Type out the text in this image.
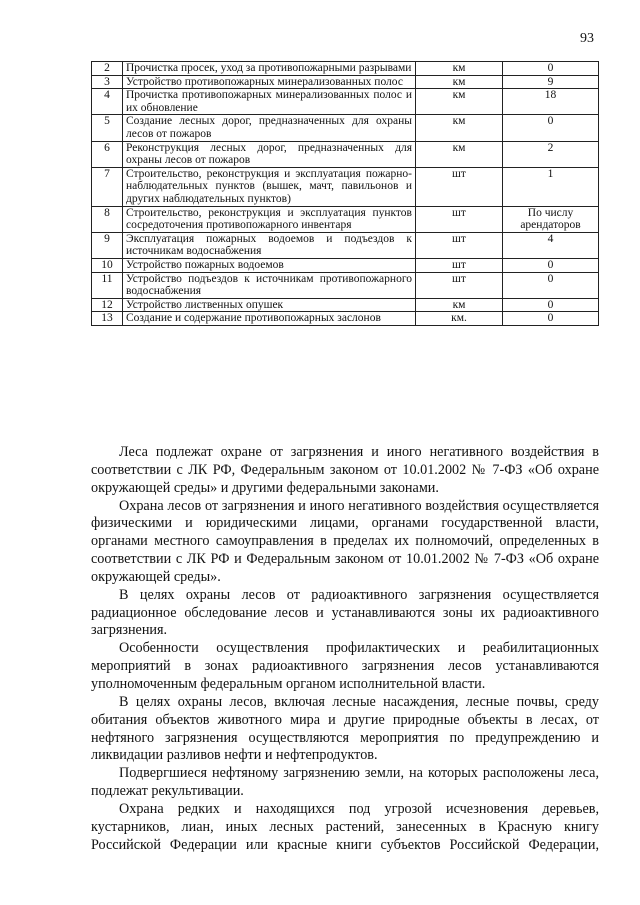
93
2	Прочистка просек, уход за противопожарными разрывами	км	0
3	Устройство противопожарных минерализованных полос	км	9
4	Прочистка противопожарных минерализованных полос и их обновление	км	18
5	Создание лесных дорог, предназначенных для охраны лесов от пожаров	км	0
6	Реконструкция лесных дорог, предназначенных для охраны лесов от пожаров	км	2
7	Строительство, реконструкция и эксплуатация пожарно-наблюдательных пунктов (вышек, мачт, павильонов и других наблюдательных пунктов)	шт	1
8	Строительство, реконструкция и эксплуатация пунктов сосредоточения противопожарного инвентаря	шт	По числу арендаторов
9	Эксплуатация пожарных водоемов и подъездов к источникам водоснабжения	шт	4
10	Устройство пожарных водоемов	шт	0
11	Устройство подъездов к источникам противопожарного водоснабжения	шт	0
12	Устройство лиственных опушек	км	0
13	Создание и содержание противопожарных заслонов	км.	0

Леса подлежат охране от загрязнения и иного негативного воздействия в соответствии с ЛК РФ, Федеральным законом от 10.01.2002 № 7-ФЗ «Об охране окружающей среды» и другими федеральными законами.

Охрана лесов от загрязнения и иного негативного воздействия осуществляется физическими и юридическими лицами, органами государственной власти, органами местного самоуправления в пределах их полномочий, определенных в соответствии с ЛК РФ и Федеральным законом от 10.01.2002 № 7-ФЗ «Об охране окружающей среды».

В целях охраны лесов от радиоактивного загрязнения осуществляется радиационное обследование лесов и устанавливаются зоны их радиоактивного загрязнения.

Особенности осуществления профилактических и реабилитационных мероприятий в зонах радиоактивного загрязнения лесов устанавливаются уполномоченным федеральным органом исполнительной власти.

В целях охраны лесов, включая лесные насаждения, лесные почвы, среду обитания объектов животного мира и другие природные объекты в лесах, от нефтяного загрязнения осуществляются мероприятия по предупреждению и ликвидации разливов нефти и нефтепродуктов.

Подвергшиеся нефтяному загрязнению земли, на которых расположены леса, подлежат рекультивации.

Охрана редких и находящихся под угрозой исчезновения деревьев, кустарников, лиан, иных лесных растений, занесенных в Красную книгу Российской Федерации или красные книги субъектов Российской Федерации,
